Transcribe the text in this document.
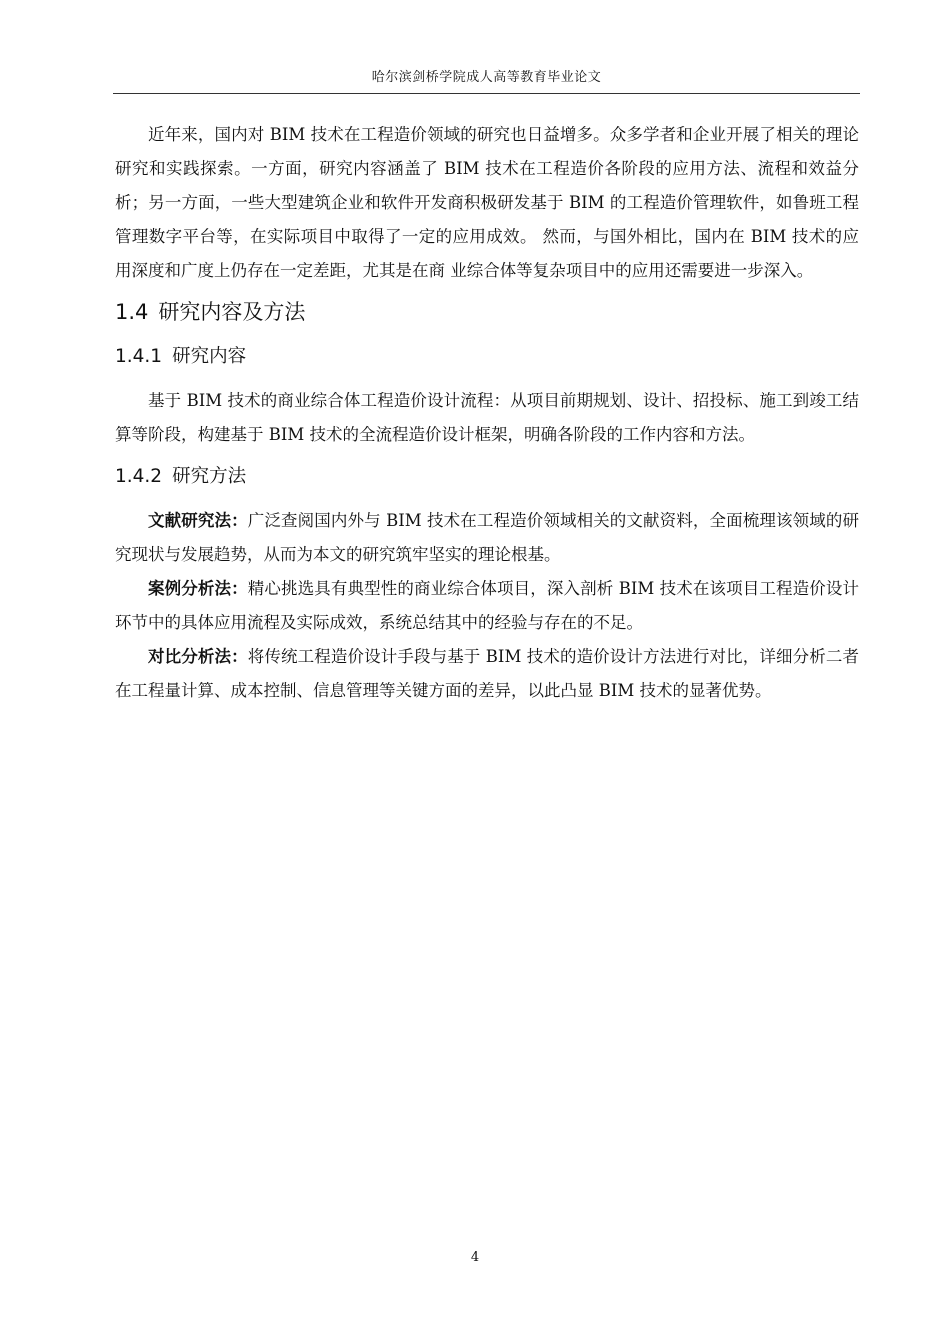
哈尔滨剑桥学院成人高等教育毕业论文

近年来，国内对 BIM 技术在工程造价领域的研究也日益增多。众多学者和企业开展了相关的理论研究和实践探索。一方面，研究内容涵盖了 BIM 技术在工程造价各阶段的应用方法、流程和效益分析；另一方面，一些大型建筑企业和软件开发商积极研发基于 BIM 的工程造价管理软件，如鲁班工程管理数字平台等，在实际项目中取得了一定的应用成效。 然而，与国外相比，国内在 BIM 技术的应用深度和广度上仍存在一定差距，尤其是在商 业综合体等复杂项目中的应用还需要进一步深入。

1.4 研究内容及方法
1.4.1 研究内容

基于 BIM 技术的商业综合体工程造价设计流程：从项目前期规划、设计、招投标、施工到竣工结算等阶段，构建基于 BIM 技术的全流程造价设计框架，明确各阶段的工作内容和方法。

1.4.2 研究方法

文献研究法：广泛查阅国内外与 BIM 技术在工程造价领域相关的文献资料，全面梳理该领域的研究现状与发展趋势，从而为本文的研究筑牢坚实的理论根基。

案例分析法：精心挑选具有典型性的商业综合体项目，深入剖析 BIM 技术在该项目工程造价设计环节中的具体应用流程及实际成效，系统总结其中的经验与存在的不足。

对比分析法：将传统工程造价设计手段与基于 BIM 技术的造价设计方法进行对比，详细分析二者在工程量计算、成本控制、信息管理等关键方面的差异，以此凸显 BIM 技术的显著优势。

4
